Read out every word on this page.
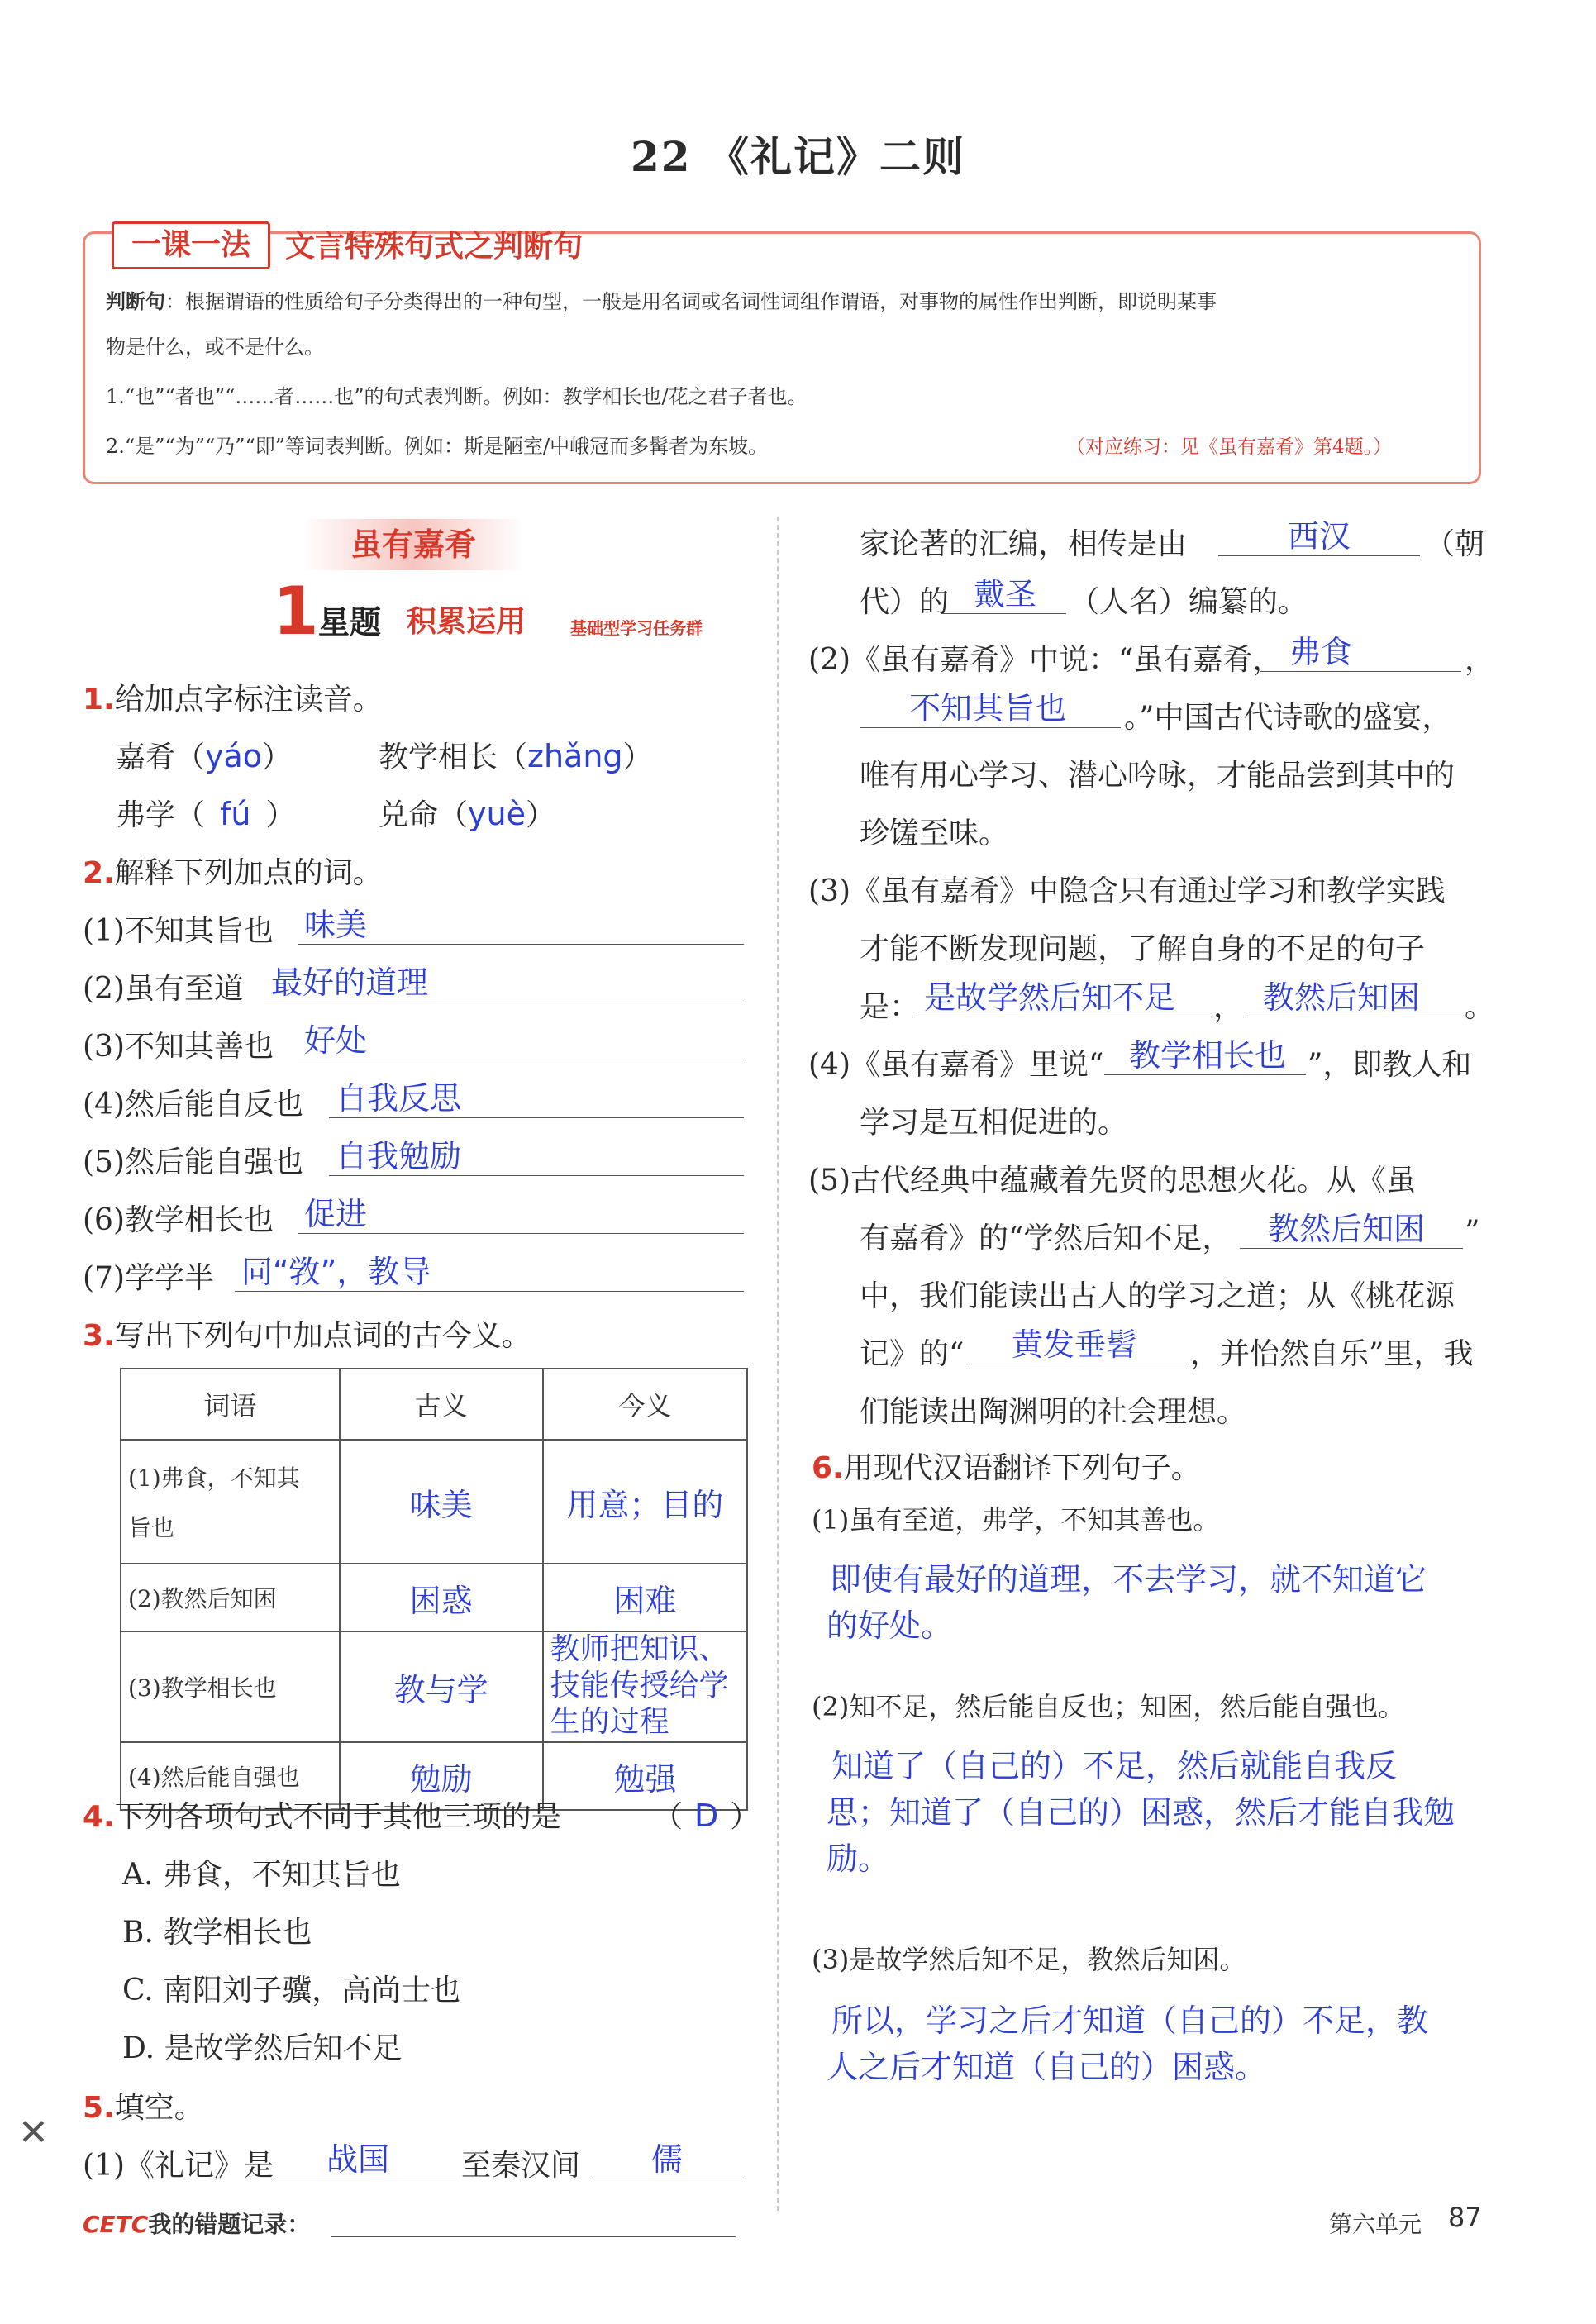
22 《礼记》二则
一课一法	文言特殊句式之判断句
判断句：根据谓语的性质给句子分类得出的一种句型，一般是用名词或名词性词组作谓语，对事物的属性作出判断，即说明某事
物是什么，或不是什么。
1.“也”“者也”“……者……也”的句式表判断。例如：教学相长也/花之君子者也。
2.“是”“为”“乃”“即”等词表判断。例如：斯是陋室/中峨冠而多髯者为东坡。	（对应练习：见《虽有嘉肴》第4题。）
虽有嘉肴
1 星题 积累运用	基础型学习任务群
1.给加点字标注读音。
嘉肴（yáo）	教学相长（zhǎng）
弗学（ fú ）	兑命（yuè）
2.解释下列加点的词。
(1)不知其旨也 味美
(2)虽有至道 最好的道理
(3)不知其善也 好处
(4)然后能自反也 自我反思
(5)然后能自强也 自我勉励
(6)教学相长也 促进
(7)学学半 同“敩”，教导
3.写出下列句中加点词的古今义。
词语	古义	今义

(1)弗食，不知其
旨也	味美	用意；目的
(2)教然后知困	困惑	困难
(3)教学相长也	教与学	教师把知识、技能传授给学生的过程
(4)然后能自强也	勉励	勉强
4.下列各项句式不同于其他三项的是	（ D ）
A. 弗食，不知其旨也
B. 教学相长也
C. 南阳刘子骥，高尚士也
D. 是故学然后知不足
5.填空。
(1)《礼记》是 战国 至秦汉间 儒
家论著的汇编，相传是由	西汉 （朝
代）的 戴圣 （人名）编纂的。
(2)《虽有嘉肴》中说：“虽有嘉肴， 弗食	，
不知其旨也 。”中国古代诗歌的盛宴，
唯有用心学习、潜心吟咏，才能品尝到其中的
珍馐至味。
(3)《虽有嘉肴》中隐含只有通过学习和教学实践
才能不断发现问题，了解自身的不足的句子
是： 是故学然后知不足 ， 教然后知困 。
(4)《虽有嘉肴》里说“ 教学相长也 ”，即教人和
学习是互相促进的。
(5)古代经典中蕴藏着先贤的思想火花。从《虽
有嘉肴》的“学然后知不足， 教然后知困 ”
中，我们能读出古人的学习之道；从《桃花源
记》的“ 黄发垂髫 ，并怡然自乐”里，我
们能读出陶渊明的社会理想。
6.用现代汉语翻译下列句子。
(1)虽有至道，弗学，不知其善也。
即使有最好的道理，不去学习，就不知道它
的好处。
(2)知不足，然后能自反也；知困，然后能自强也。
知道了（自己的）不足，然后就能自我反
思；知道了（自己的）困惑，然后才能自我勉
励。
(3)是故学然后知不足，教然后知困。
所以，学习之后才知道（自己的）不足，教
人之后才知道（自己的）困惑。
✕
CETC我的错题记录：	第六单元 87
